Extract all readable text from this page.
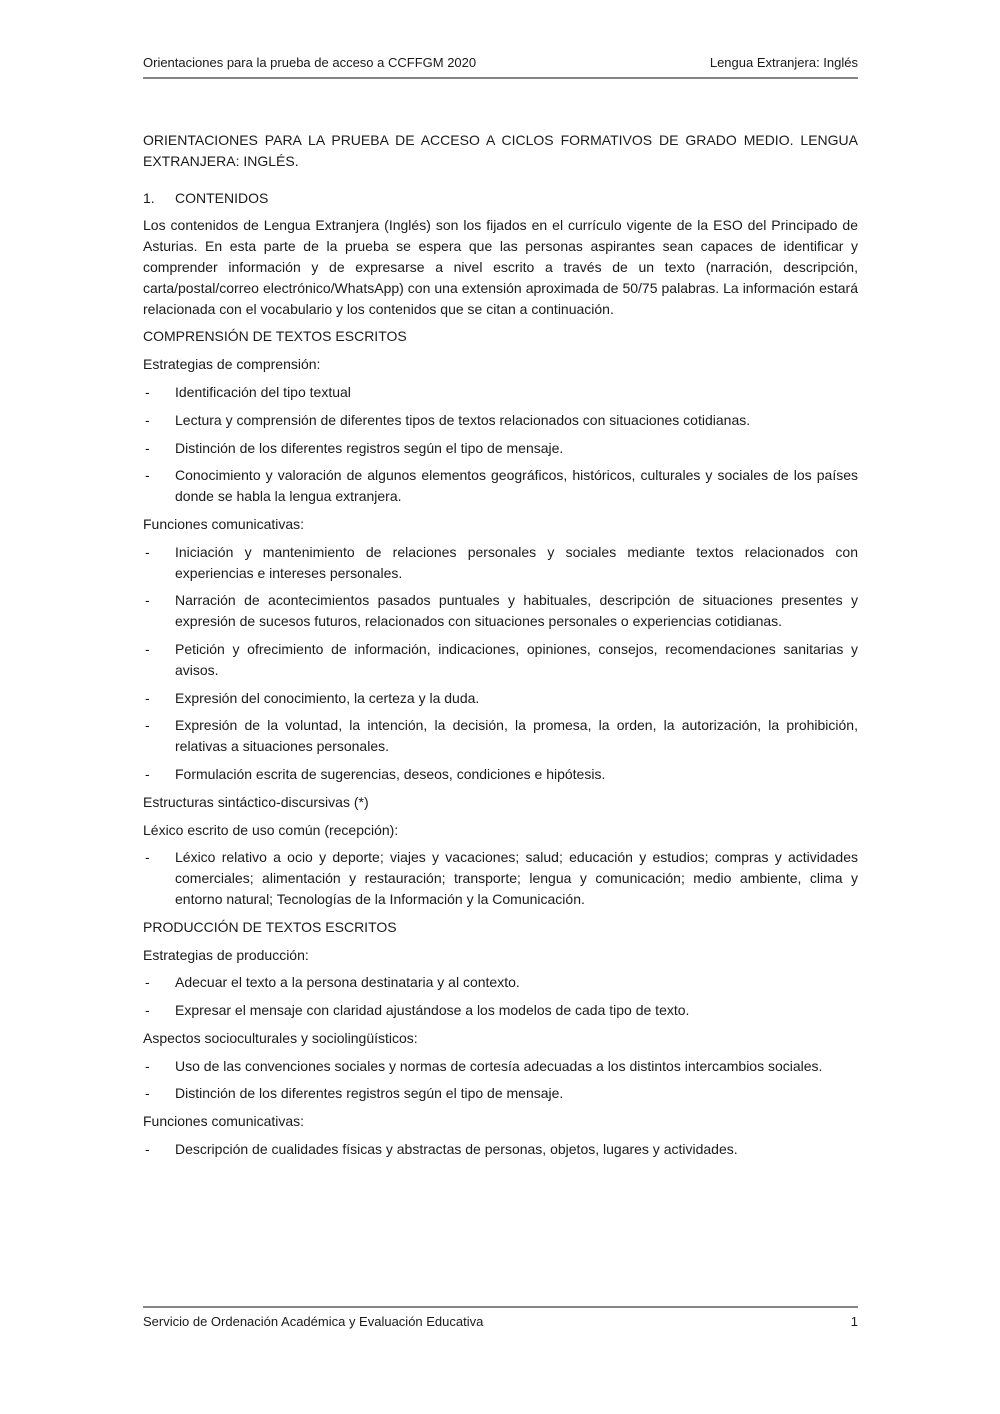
Orientaciones para la prueba de acceso a CCFFGM 2020	Lengua Extranjera: Inglés

ORIENTACIONES PARA LA PRUEBA DE ACCESO A CICLOS FORMATIVOS DE GRADO MEDIO. LENGUA EXTRANJERA: INGLÉS.

1.	CONTENIDOS

Los contenidos de Lengua Extranjera (Inglés) son los fijados en el currículo vigente de la ESO del Principado de Asturias. En esta parte de la prueba se espera que las personas aspirantes sean capaces de identificar y comprender información y de expresarse a nivel escrito a través de un texto (narración, descripción, carta/postal/correo electrónico/WhatsApp) con una extensión aproximada de 50/75 palabras. La información estará relacionada con el vocabulario y los contenidos que se citan a continuación.

COMPRENSIÓN DE TEXTOS ESCRITOS

Estrategias de comprensión:

- Identificación del tipo textual
- Lectura y comprensión de diferentes tipos de textos relacionados con situaciones cotidianas.
- Distinción de los diferentes registros según el tipo de mensaje.
- Conocimiento y valoración de algunos elementos geográficos, históricos, culturales y sociales de los países donde se habla la lengua extranjera.

Funciones comunicativas:

- Iniciación y mantenimiento de relaciones personales y sociales mediante textos relacionados con experiencias e intereses personales.
- Narración de acontecimientos pasados puntuales y habituales, descripción de situaciones presentes y expresión de sucesos futuros, relacionados con situaciones personales o experiencias cotidianas.
- Petición y ofrecimiento de información, indicaciones, opiniones, consejos, recomendaciones sanitarias y avisos.
- Expresión del conocimiento, la certeza y la duda.
- Expresión de la voluntad, la intención, la decisión, la promesa, la orden, la autorización, la prohibición, relativas a situaciones personales.
- Formulación escrita de sugerencias, deseos, condiciones e hipótesis.

Estructuras sintáctico-discursivas (*)

Léxico escrito de uso común (recepción):

- Léxico relativo a ocio y deporte; viajes y vacaciones; salud; educación y estudios; compras y actividades comerciales; alimentación y restauración; transporte; lengua y comunicación; medio ambiente, clima y entorno natural; Tecnologías de la Información y la Comunicación.

PRODUCCIÓN DE TEXTOS ESCRITOS

Estrategias de producción:

- Adecuar el texto a la persona destinataria y al contexto.
- Expresar el mensaje con claridad ajustándose a los modelos de cada tipo de texto.

Aspectos socioculturales y sociolingüísticos:

- Uso de las convenciones sociales y normas de cortesía adecuadas a los distintos intercambios sociales.
- Distinción de los diferentes registros según el tipo de mensaje.

Funciones comunicativas:

- Descripción de cualidades físicas y abstractas de personas, objetos, lugares y actividades.
Servicio de Ordenación Académica y Evaluación Educativa	1
